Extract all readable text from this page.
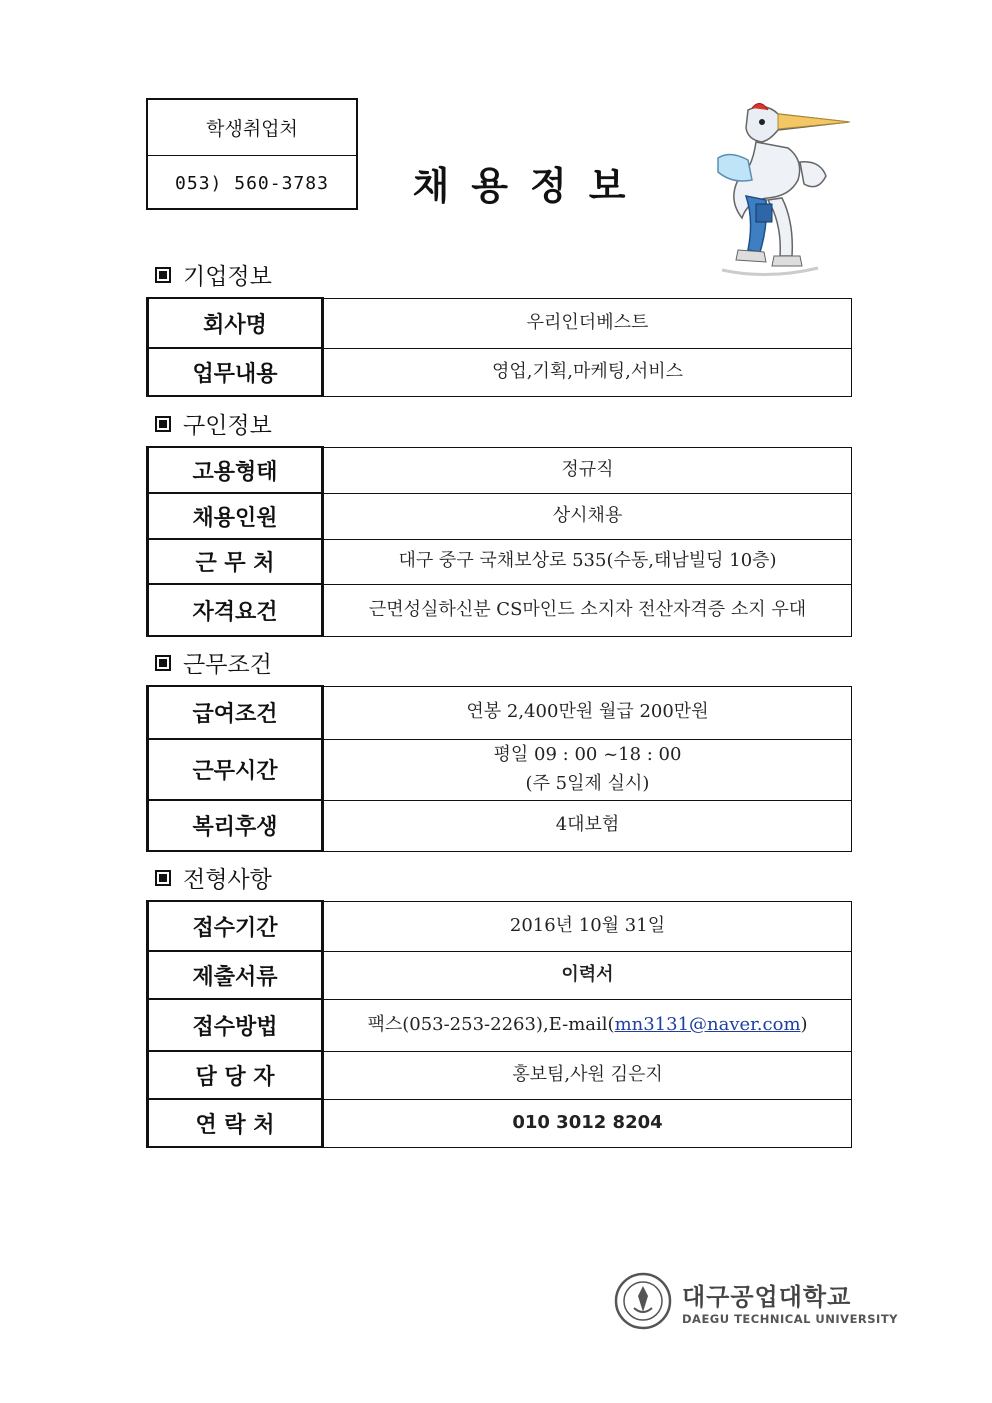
학생취업처
053) 560-3783	채용정보
기업정보
회사명	우리인더베스트
업무내용	영업,기획,마케팅,서비스
구인정보
고용형태	정규직
채용인원	상시채용
근 무 처	대구 중구 국채보상로 535(수동,태남빌딩 10층)
자격요건	근면성실하신분 CS마인드 소지자 전산자격증 소지 우대
근무조건
급여조건	연봉 2,400만원 월급 200만원
근무시간	평일 09 : 00 ~18 : 00
(주 5일제 실시)

복리후생	4대보험
전형사항
접수기간	2016년 10월 31일
제출서류	이력서
접수방법	팩스(053-253-2263),E-mail(mn3131@naver.com)
담 당 자	홍보팀,사원 김은지
연 락 처	010 3012 8204
대구공업대학교
DAEGU TECHNICAL UNIVERSITY
